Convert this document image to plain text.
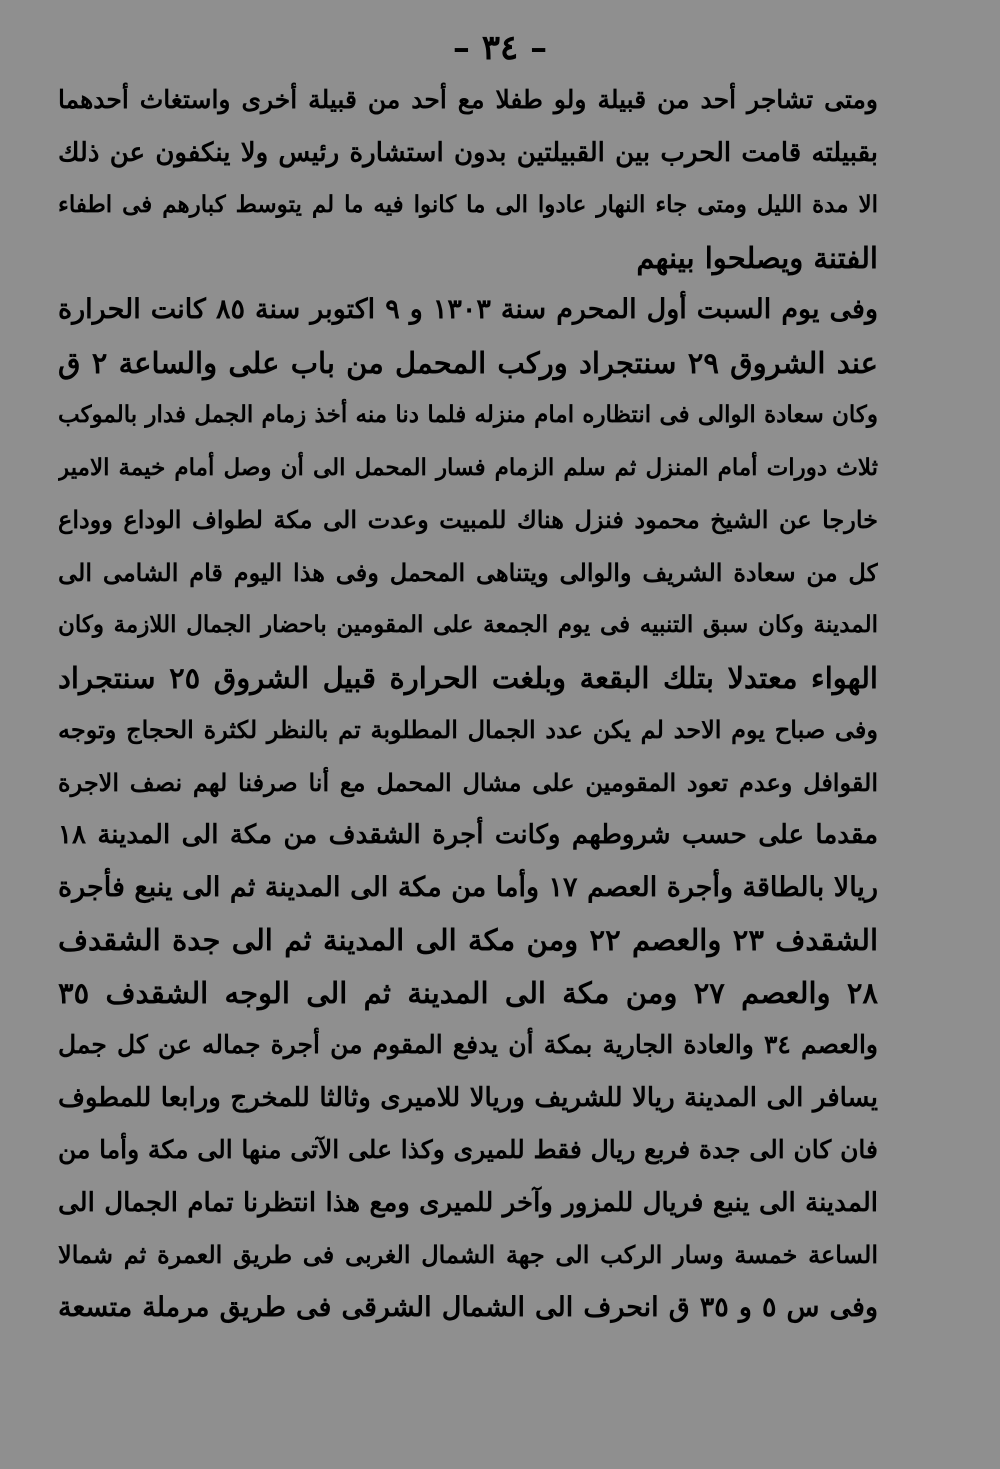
– ٣٤ –
ومتى تشاجر أحد من قبيلة ولو طفلا مع أحد من قبيلة أخرى واستغاث أحدهما
بقبيلته قامت الحرب بين القبيلتين بدون استشارة رئيس ولا ينكفون عن ذلك
الا مدة الليل ومتى جاء النهار عادوا الى ما كانوا فيه ما لم يتوسط كبارهم فى اطفاء
الفتنة ويصلحوا بينهم
وفى يوم السبت أول المحرم سنة ١٣٠٣ و ٩ اكتوبر سنة ٨٥ كانت الحرارة
عند الشروق ٢٩ سنتجراد وركب المحمل من باب على والساعة ٢ ق
وكان سعادة الوالى فى انتظاره امام منزله فلما دنا منه أخذ زمام الجمل فدار بالموكب
ثلاث دورات أمام المنزل ثم سلم الزمام فسار المحمل الى أن وصل أمام خيمة الامير
خارجا عن الشيخ محمود فنزل هناك للمبيت وعدت الى مكة لطواف الوداع ووداع
كل من سعادة الشريف والوالى ويتناهى المحمل وفى هذا اليوم قام الشامى الى
المدينة وكان سبق التنبيه فى يوم الجمعة على المقومين باحضار الجمال اللازمة وكان
الهواء معتدلا بتلك البقعة وبلغت الحرارة قبيل الشروق ٢٥ سنتجراد
وفى صباح يوم الاحد لم يكن عدد الجمال المطلوبة تم بالنظر لكثرة الحجاج وتوجه
القوافل وعدم تعود المقومين على مشال المحمل مع أنا صرفنا لهم نصف الاجرة
مقدما على حسب شروطهم وكانت أجرة الشقدف من مكة الى المدينة ١٨
ريالا بالطاقة وأجرة العصم ١٧ وأما من مكة الى المدينة ثم الى ينبع فأجرة
الشقدف ٢٣ والعصم ٢٢ ومن مكة الى المدينة ثم الى جدة الشقدف
٢٨ والعصم ٢٧ ومن مكة الى المدينة ثم الى الوجه الشقدف ٣٥
والعصم ٣٤ والعادة الجارية بمكة أن يدفع المقوم من أجرة جماله عن كل جمل
يسافر الى المدينة ريالا للشريف وريالا للاميرى وثالثا للمخرج ورابعا للمطوف
فان كان الى جدة فربع ريال فقط للميرى وكذا على الآتى منها الى مكة وأما من
المدينة الى ينبع فريال للمزور وآخر للميرى ومع هذا انتظرنا تمام الجمال الى
الساعة خمسة وسار الركب الى جهة الشمال الغربى فى طريق العمرة ثم شمالا
وفى س ٥ و ٣٥ ق انحرف الى الشمال الشرقى فى طريق مرملة متسعة
